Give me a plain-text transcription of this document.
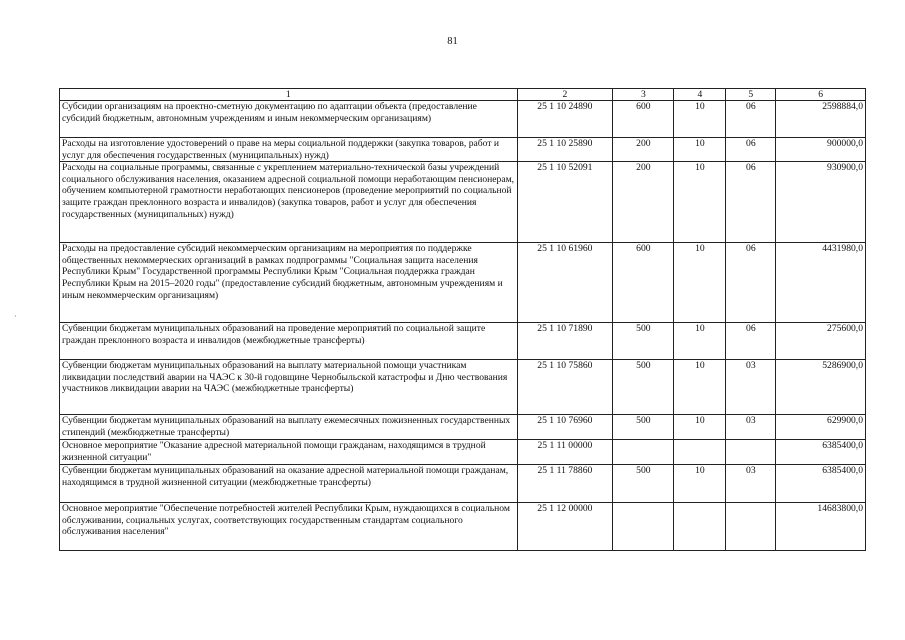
81
·
1	2	3	4	5	6
Субсидии организациям на проектно-сметную документацию по адаптации объекта (предоставление субсидий бюджетным, автономным учреждениям и иным некоммерческим организациям)	25 1 10 24890	600	10	06	2598884,0
Расходы на изготовление удостоверений о праве на меры социальной поддержки (закупка товаров, работ и услуг для обеспечения государственных (муниципальных) нужд)	25 1 10 25890	200	10	06	900000,0
Расходы на социальные программы, связанные с укреплением материально-технической базы учреждений социального обслуживания населения, оказанием адресной социальной помощи неработающим пенсионерам, обучением компьютерной грамотности неработающих пенсионеров (проведение мероприятий по социальной защите граждан преклонного возраста и инвалидов) (закупка товаров, работ и услуг для обеспечения государственных (муниципальных) нужд)	25 1 10 52091	200	10	06	930900,0
Расходы на предоставление субсидий некоммерческим организациям на мероприятия по поддержке общественных некоммерческих организаций в рамках подпрограммы "Социальная защита населения Республики Крым" Государственной программы Республики Крым "Социальная поддержка граждан Республики Крым на 2015–2020 годы" (предоставление субсидий бюджетным, автономным учреждениям и иным некоммерческим организациям)	25 1 10 61960	600	10	06	4431980,0
Субвенции бюджетам муниципальных образований на проведение мероприятий по социальной защите граждан преклонного возраста и инвалидов (межбюджетные трансферты)	25 1 10 71890	500	10	06	275600,0
Субвенции бюджетам муниципальных образований на выплату материальной помощи участникам ликвидации последствий аварии на ЧАЭС к 30-й годовщине Чернобыльской катастрофы и Дню чествования участников ликвидации аварии на ЧАЭС (межбюджетные трансферты)	25 1 10 75860	500	10	03	5286900,0
Субвенции бюджетам муниципальных образований на выплату ежемесячных пожизненных государственных стипендий (межбюджетные трансферты)	25 1 10 76960	500	10	03	629900,0
Основное мероприятие "Оказание адресной материальной помощи гражданам, находящимся в трудной жизненной ситуации"	25 1 11 00000				6385400,0
Субвенции бюджетам муниципальных образований на оказание адресной материальной помощи гражданам, находящимся в трудной жизненной ситуации (межбюджетные трансферты)	25 1 11 78860	500	10	03	6385400,0
Основное мероприятие "Обеспечение потребностей жителей Республики Крым, нуждающихся в социальном обслуживании, социальных услугах, соответствующих государственным стандартам социального обслуживания населения"	25 1 12 00000				14683800,0
